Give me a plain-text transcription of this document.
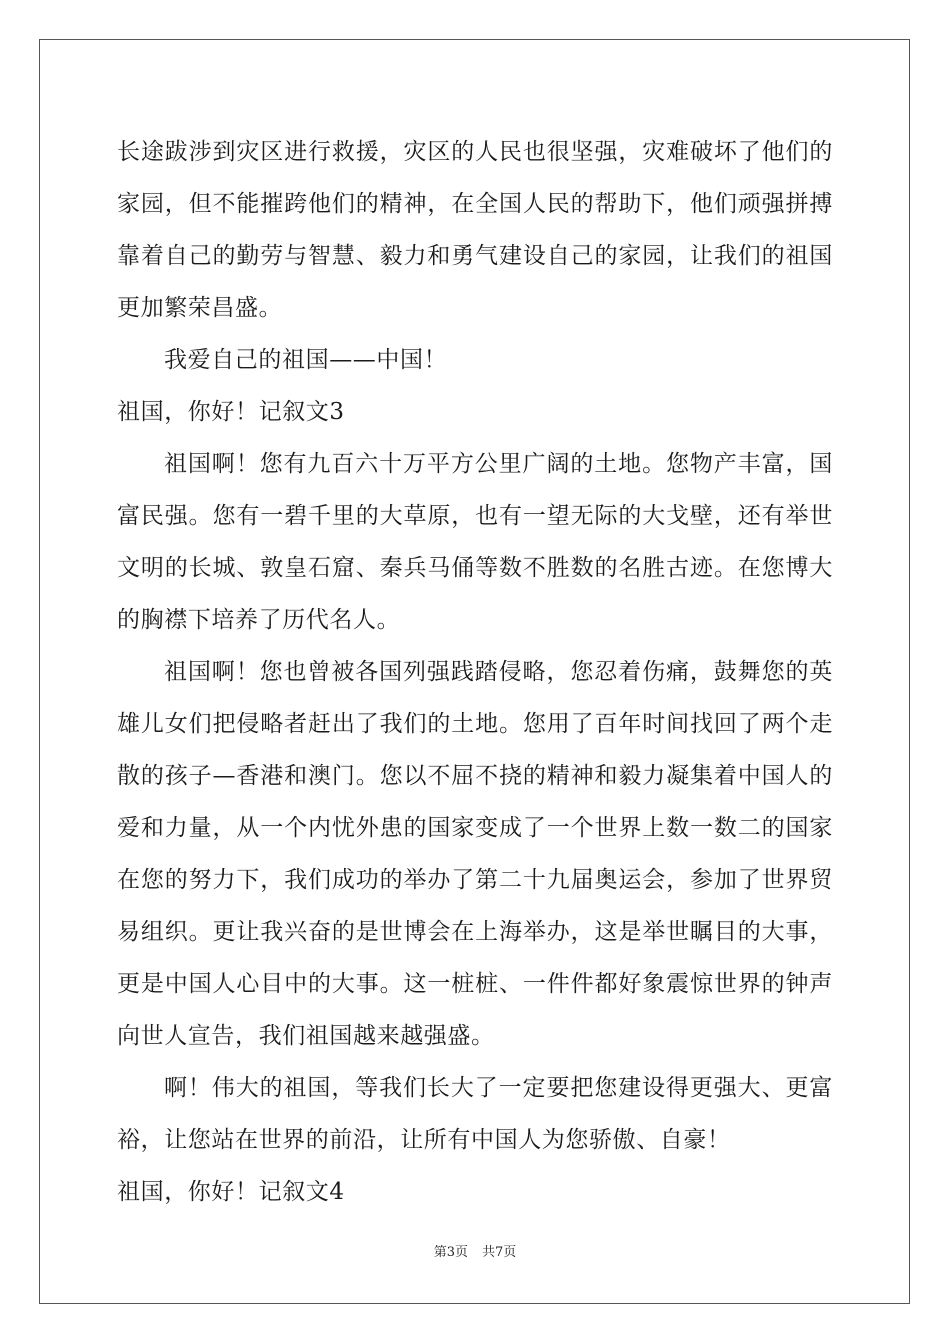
长途跋涉到灾区进行救援，灾区的人民也很坚强，灾难破坏了他们的
家园，但不能摧跨他们的精神，在全国人民的帮助下，他们顽强拼搏
靠着自己的勤劳与智慧、毅力和勇气建设自己的家园，让我们的祖国
更加繁荣昌盛。
我爱自己的祖国——中国！
祖国，你好！记叙文3
祖国啊！您有九百六十万平方公里广阔的土地。您物产丰富，国
富民强。您有一碧千里的大草原，也有一望无际的大戈壁，还有举世
文明的长城、敦皇石窟、秦兵马俑等数不胜数的名胜古迹。在您博大
的胸襟下培养了历代名人。
祖国啊！您也曾被各国列强践踏侵略，您忍着伤痛，鼓舞您的英
雄儿女们把侵略者赶出了我们的土地。您用了百年时间找回了两个走
散的孩子—香港和澳门。您以不屈不挠的精神和毅力凝集着中国人的
爱和力量，从一个内忧外患的国家变成了一个世界上数一数二的国家
在您的努力下，我们成功的举办了第二十九届奥运会，参加了世界贸
易组织。更让我兴奋的是世博会在上海举办，这是举世瞩目的大事，
更是中国人心目中的大事。这一桩桩、一件件都好象震惊世界的钟声
向世人宣告，我们祖国越来越强盛。
啊！伟大的祖国，等我们长大了一定要把您建设得更强大、更富
裕，让您站在世界的前沿，让所有中国人为您骄傲、自豪！
祖国，你好！记叙文4
第3页 共7页
